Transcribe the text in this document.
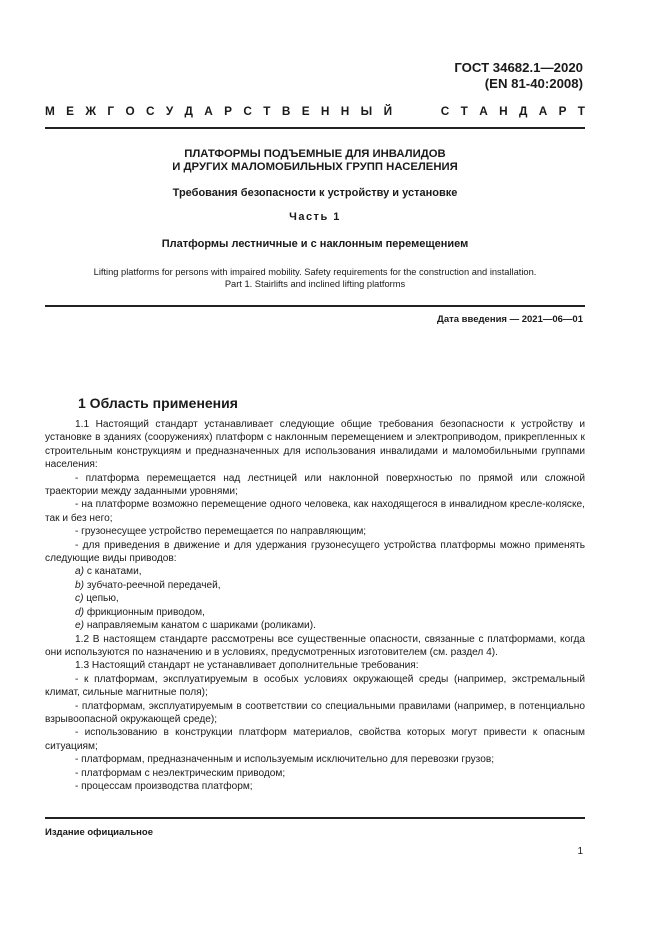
ГОСТ 34682.1—2020
(EN 81-40:2008)
М Е Ж Г О С У Д А Р С Т В Е Н Н Ы Й	С Т А Н Д А Р Т
ПЛАТФОРМЫ ПОДЪЕМНЫЕ ДЛЯ ИНВАЛИДОВ
И ДРУГИХ МАЛОМОБИЛЬНЫХ ГРУПП НАСЕЛЕНИЯ
Требования безопасности к устройству и установке
Часть 1
Платформы лестничные и с наклонным перемещением
Lifting platforms for persons with impaired mobility. Safety requirements for the construction and installation.
Part 1. Stairlifts and inclined lifting platforms
Дата введения — 2021—06—01
1 Область применения

1.1 Настоящий стандарт устанавливает следующие общие требования безопасности к устройству и установке в зданиях (сооружениях) платформ с наклонным перемещением и электроприводом, прикрепленных к строительным конструкциям и предназначенных для использования инвалидами и маломобильными группами населения:

- платформа перемещается над лестницей или наклонной поверхностью по прямой или сложной траектории между заданными уровнями;

- на платформе возможно перемещение одного человека, как находящегося в инвалидном кресле-коляске, так и без него;

- грузонесущее устройство перемещается по направляющим;

- для приведения в движение и для удержания грузонесущего устройства платформы можно применять следующие виды приводов:

a) с канатами,

b) зубчато-реечной передачей,

c) цепью,

d) фрикционным приводом,

e) направляемым канатом с шариками (роликами).

1.2 В настоящем стандарте рассмотрены все существенные опасности, связанные с платформами, когда они используются по назначению и в условиях, предусмотренных изготовителем (см. раздел 4).

1.3 Настоящий стандарт не устанавливает дополнительные требования:

- к платформам, эксплуатируемым в особых условиях окружающей среды (например, экстремальный климат, сильные магнитные поля);

- платформам, эксплуатируемым в соответствии со специальными правилами (например, в потенциально взрывоопасной окружающей среде);

- использованию в конструкции платформ материалов, свойства которых могут привести к опасным ситуациям;

- платформам, предназначенным и используемым исключительно для перевозки грузов;

- платформам с неэлектрическим приводом;

- процессам производства платформ;

Издание официальное
1
